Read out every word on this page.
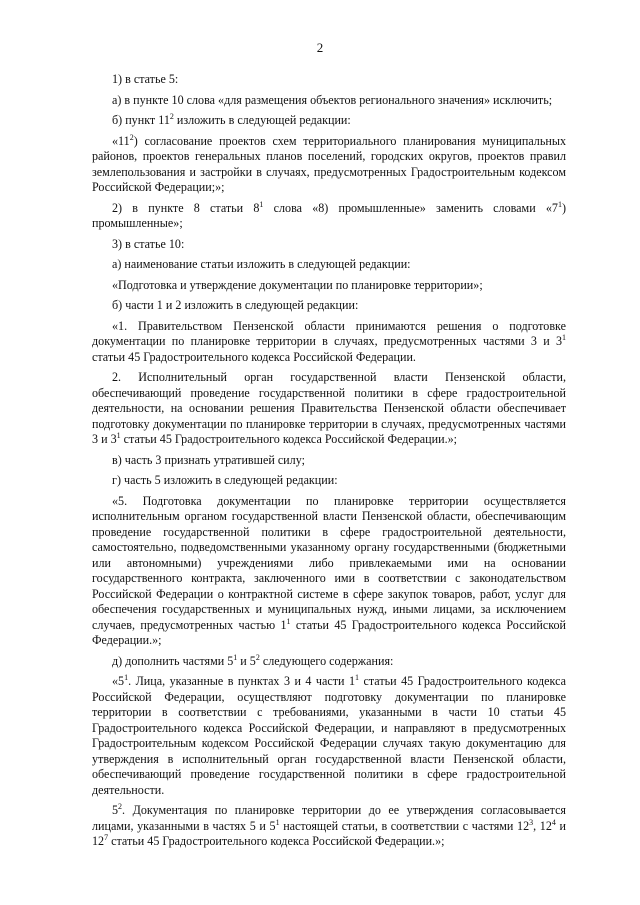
2

1) в статье 5:

а) в пункте 10 слова «для размещения объектов регионального значения» исключить;

б) пункт $11^2$ изложить в следующей редакции:

«$11^2$) согласование проектов схем территориального планирования муниципальных районов, проектов генеральных планов поселений, городских округов, проектов правил землепользования и застройки в случаях, предусмотренных Градостроительным кодексом Российской Федерации;»;

2) в пункте 8 статьи $8^1$ слова «8) промышленные» заменить словами «$7^1$) промышленные»;

3) в статье 10:

а) наименование статьи изложить в следующей редакции:

«Подготовка и утверждение документации по планировке территории»;

б) части 1 и 2 изложить в следующей редакции:

«1. Правительством Пензенской области принимаются решения о подготовке документации по планировке территории в случаях, предусмотренных частями 3 и $3^1$ статьи 45 Градостроительного кодекса Российской Федерации.

2. Исполнительный орган государственной власти Пензенской области, обеспечивающий проведение государственной политики в сфере градостроительной деятельности, на основании решения Правительства Пензенской области обеспечивает подготовку документации по планировке территории в случаях, предусмотренных частями 3 и $3^1$ статьи 45 Градостроительного кодекса Российской Федерации.»;

в) часть 3 признать утратившей силу;

г) часть 5 изложить в следующей редакции:

«5. Подготовка документации по планировке территории осуществляется исполнительным органом государственной власти Пензенской области, обеспечивающим проведение государственной политики в сфере градостроительной деятельности, самостоятельно, подведомственными указанному органу государственными (бюджетными или автономными) учреждениями либо привлекаемыми ими на основании государственного контракта, заключенного ими в соответствии с законодательством Российской Федерации о контрактной системе в сфере закупок товаров, работ, услуг для обеспечения государственных и муниципальных нужд, иными лицами, за исключением случаев, предусмотренных частью $1^1$ статьи 45 Градостроительного кодекса Российской Федерации.»;

д) дополнить частями $5^1$ и $5^2$ следующего содержания:

«$5^1$. Лица, указанные в пунктах 3 и 4 части $1^1$ статьи 45 Градостроительного кодекса Российской Федерации, осуществляют подготовку документации по планировке территории в соответствии с требованиями, указанными в части 10 статьи 45 Градостроительного кодекса Российской Федерации, и направляют в предусмотренных Градостроительным кодексом Российской Федерации случаях такую документацию для утверждения в исполнительный орган государственной власти Пензенской области, обеспечивающий проведение государственной политики в сфере градостроительной деятельности.

$5^2$. Документация по планировке территории до ее утверждения согласовывается лицами, указанными в частях 5 и $5^1$ настоящей статьи, в соответствии с частями $12^3$, $12^4$ и $12^7$ статьи 45 Градостроительного кодекса Российской Федерации.»;
